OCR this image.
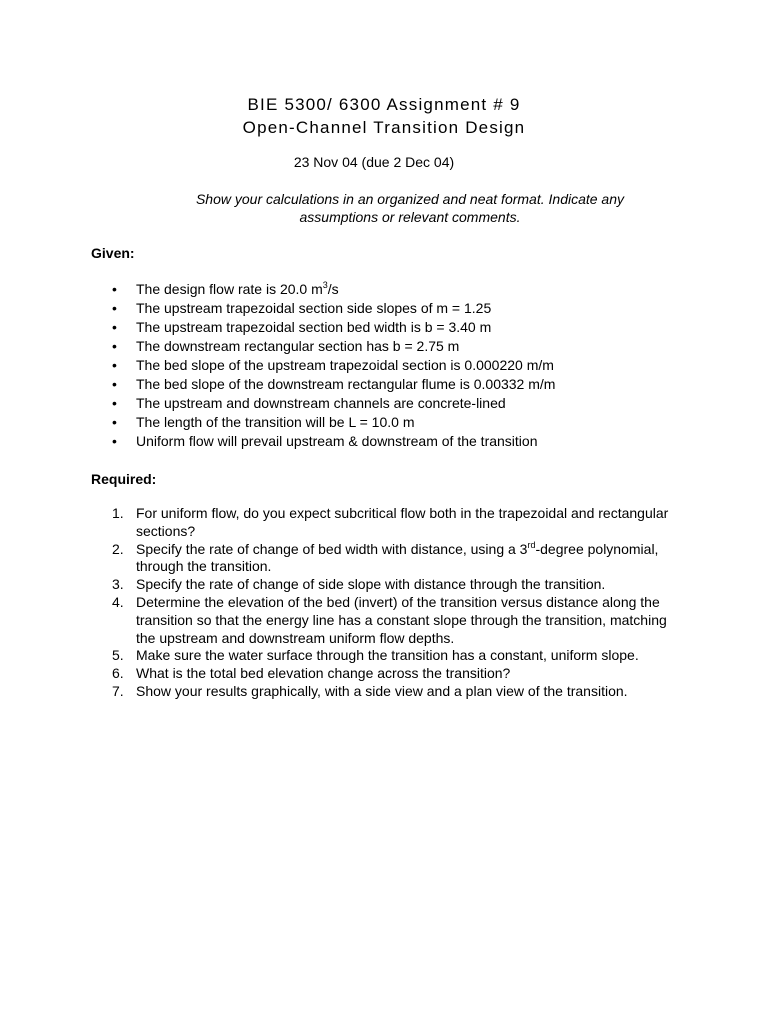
BIE 5300/ 6300 Assignment # 9
Open-Channel Transition Design
23 Nov 04 (due 2 Dec 04)
Show your calculations in an organized and neat format. Indicate any assumptions or relevant comments.
Given:
• The design flow rate is 20.0 $m^3/s$
• The upstream trapezoidal section side slopes of m = 1.25
• The upstream trapezoidal section bed width is b = 3.40 m
• The downstream rectangular section has b = 2.75 m
• The bed slope of the upstream trapezoidal section is 0.000220 m/m
• The bed slope of the downstream rectangular flume is 0.00332 m/m
• The upstream and downstream channels are concrete-lined
• The length of the transition will be L = 10.0 m
• Uniform flow will prevail upstream & downstream of the transition
Required:
1. For uniform flow, do you expect subcritical flow both in the trapezoidal and rectangular sections?
2. Specify the rate of change of bed width with distance, using a 3rd-degree polynomial, through the transition.
3. Specify the rate of change of side slope with distance through the transition.
4. Determine the elevation of the bed (invert) of the transition versus distance along the transition so that the energy line has a constant slope through the transition, matching the upstream and downstream uniform flow depths.
5. Make sure the water surface through the transition has a constant, uniform slope.
6. What is the total bed elevation change across the transition?
7. Show your results graphically, with a side view and a plan view of the transition.
